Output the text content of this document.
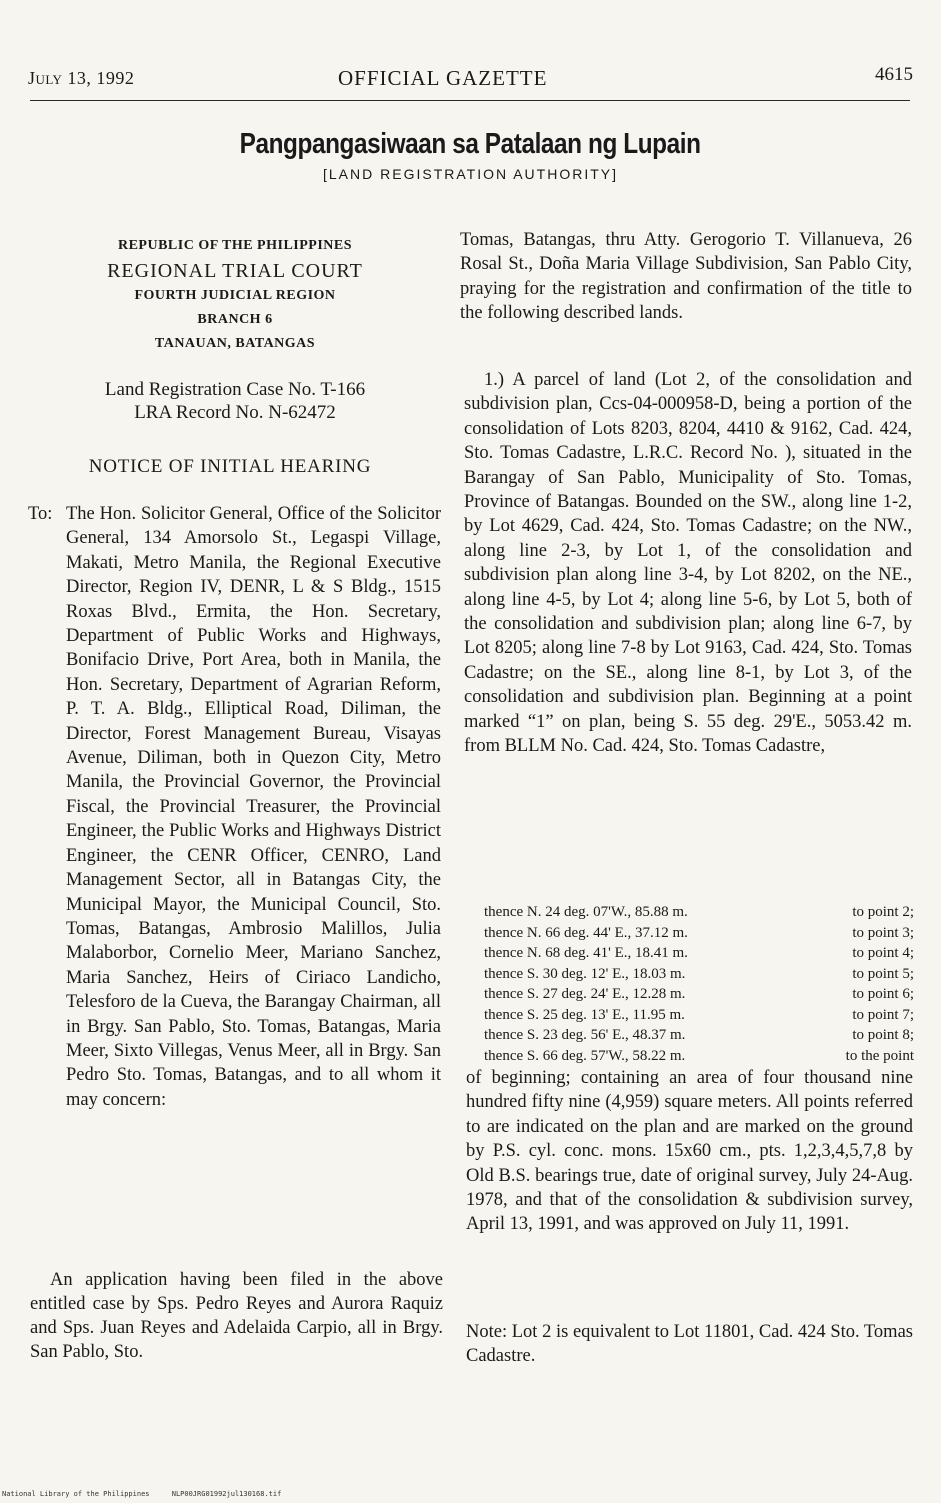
July 13, 1992	OFFICIAL GAZETTE	4615
Pangpangasiwaan sa Patalaan ng Lupain
[LAND REGISTRATION AUTHORITY]
REPUBLIC OF THE PHILIPPINES
REGIONAL TRIAL COURT
FOURTH JUDICIAL REGION
BRANCH 6
TANAUAN, BATANGAS
Land Registration Case No. T-166
LRA Record No. N-62472
NOTICE OF INITIAL HEARING
To: The Hon. Solicitor General, Office of the Solicitor General, 134 Amorsolo St., Legaspi Village, Makati, Metro Manila, the Regional Executive Director, Region IV, DENR, L & S Bldg., 1515 Roxas Blvd., Ermita, the Hon. Secretary, Department of Public Works and Highways, Bonifacio Drive, Port Area, both in Manila, the Hon. Secretary, Department of Agrarian Reform, P. T. A. Bldg., Elliptical Road, Diliman, the Director, Forest Management Bureau, Visayas Avenue, Diliman, both in Quezon City, Metro Manila, the Provincial Governor, the Provincial Fiscal, the Provincial Treasurer, the Provincial Engineer, the Public Works and Highways District Engineer, the CENR Officer, CENRO, Land Management Sector, all in Batangas City, the Municipal Mayor, the Municipal Council, Sto. Tomas, Batangas, Ambrosio Malillos, Julia Malaborbor, Cornelio Meer, Mariano Sanchez, Maria Sanchez, Heirs of Ciriaco Landicho, Telesforo de la Cueva, the Barangay Chairman, all in Brgy. San Pablo, Sto. Tomas, Batangas, Maria Meer, Sixto Villegas, Venus Meer, all in Brgy. San Pedro Sto. Tomas, Batangas, and to all whom it may concern:
An application having been filed in the above entitled case by Sps. Pedro Reyes and Aurora Raquiz and Sps. Juan Reyes and Adelaida Carpio, all in Brgy. San Pablo, Sto.
Tomas, Batangas, thru Atty. Gerogorio T. Villanueva, 26 Rosal St., Doña Maria Village Subdivision, San Pablo City, praying for the registration and confirmation of the title to the following described lands.
1.) A parcel of land (Lot 2, of the consolidation and subdivision plan, Ccs-04-000958-D, being a portion of the consolidation of Lots 8203, 8204, 4410 & 9162, Cad. 424, Sto. Tomas Cadastre, L.R.C. Record No. ), situated in the Barangay of San Pablo, Municipality of Sto. Tomas, Province of Batangas. Bounded on the SW., along line 1-2, by Lot 4629, Cad. 424, Sto. Tomas Cadastre; on the NW., along line 2-3, by Lot 1, of the consolidation and subdivision plan along line 3-4, by Lot 8202, on the NE., along line 4-5, by Lot 4; along line 5-6, by Lot 5, both of the consolidation and subdivision plan; along line 6-7, by Lot 8205; along line 7-8 by Lot 9163, Cad. 424, Sto. Tomas Cadastre; on the SE., along line 8-1, by Lot 3, of the consolidation and subdivision plan. Beginning at a point marked “1” on plan, being S. 55 deg. 29'E., 5053.42 m. from BLLM No. Cad. 424, Sto. Tomas Cadastre,
thence N. 24 deg. 07'W., 85.88 m.	to point 2;
thence N. 66 deg. 44' E., 37.12 m.	to point 3;
thence N. 68 deg. 41' E., 18.41 m.	to point 4;
thence S. 30 deg. 12' E., 18.03 m.	to point 5;
thence S. 27 deg. 24' E., 12.28 m.	to point 6;
thence S. 25 deg. 13' E., 11.95 m.	to point 7;
thence S. 23 deg. 56' E., 48.37 m.	to point 8;
thence S. 66 deg. 57'W., 58.22 m.	to the point
of beginning; containing an area of four thousand nine hundred fifty nine (4,959) square meters. All points referred to are indicated on the plan and are marked on the ground by P.S. cyl. conc. mons. 15x60 cm., pts. 1,2,3,4,5,7,8 by Old B.S. bearings true, date of original survey, July 24-Aug. 1978, and that of the consolidation & subdivision survey, April 13, 1991, and was approved on July 11, 1991.
Note: Lot 2 is equivalent to Lot 11801, Cad. 424 Sto. Tomas Cadastre.
National Library of the Philippines	NLP00JRG01992jul130168.tif
